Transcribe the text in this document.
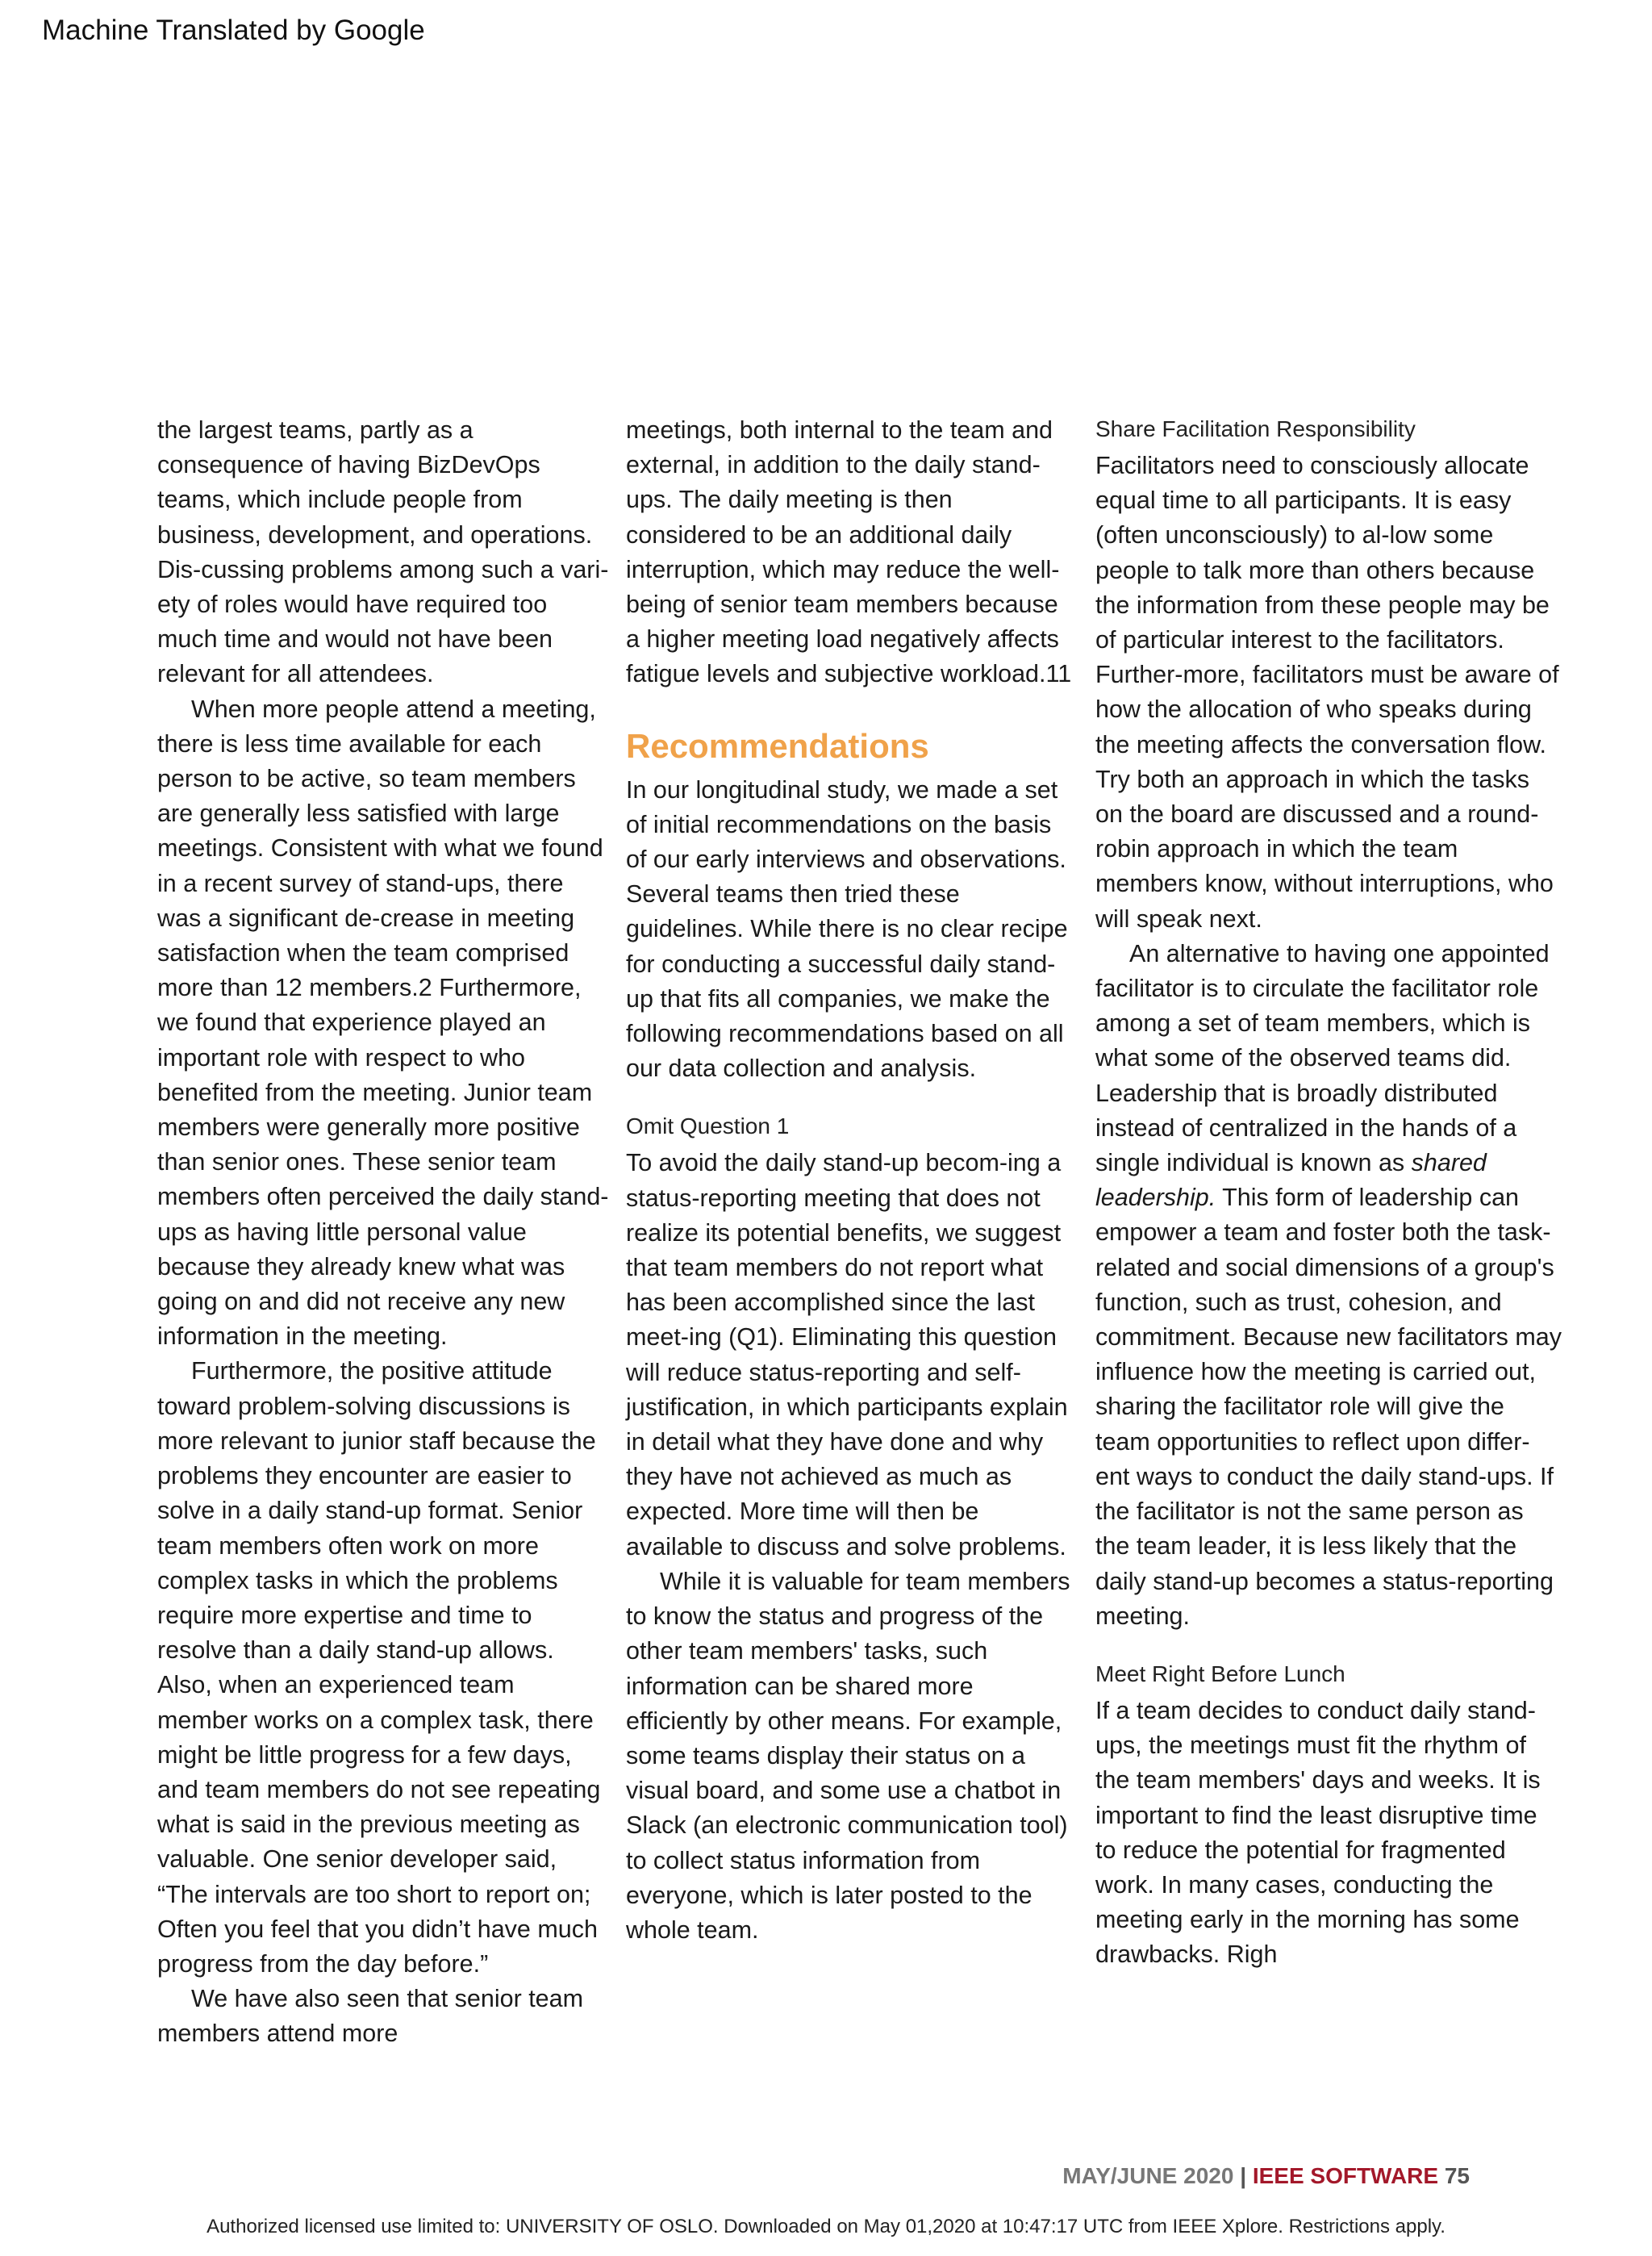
Machine Translated by Google

the largest teams, partly as a consequence of having BizDevOps teams, which include people from business, development, and operations. Dis-cussing problems among such a vari-ety of roles would have required too much time and would not have been relevant for all attendees.

When more people attend a meeting, there is less time available for each person to be active, so team members are generally less satisfied with large meetings. Consistent with what we found in a recent survey of stand-ups, there was a significant de-crease in meeting satisfaction when the team comprised more than 12 members.2 Furthermore, we found that experience played an important role with respect to who benefited from the meeting. Junior team members were generally more positive than senior ones. These senior team members often perceived the daily stand-ups as having little personal value because they already knew what was going on and did not receive any new information in the meeting.

Furthermore, the positive attitude toward problem-solving discussions is more relevant to junior staff because the problems they encounter are easier to solve in a daily stand-up format. Senior team members often work on more complex tasks in which the problems require more expertise and time to resolve than a daily stand-up allows. Also, when an experienced team member works on a complex task, there might be little progress for a few days, and team members do not see repeating what is said in the previous meeting as valuable. One senior developer said, “The intervals are too short to report on; Often you feel that you didn’t have much progress from the day before.”

We have also seen that senior team members attend more

meetings, both internal to the team and external, in addition to the daily stand-ups. The daily meeting is then considered to be an additional daily interruption, which may reduce the well-being of senior team members because a higher meeting load negatively affects fatigue levels and subjective workload.11

Recommendations

In our longitudinal study, we made a set of initial recommendations on the basis of our early interviews and observations. Several teams then tried these guidelines. While there is no clear recipe for conducting a successful daily stand-up that fits all companies, we make the following recommendations based on all our data collection and analysis.

Omit Question 1

To avoid the daily stand-up becom-ing a status-reporting meeting that does not realize its potential benefits, we suggest that team members do not report what has been accomplished since the last meet-ing (Q1). Eliminating this question will reduce status-reporting and self-justification, in which participants explain in detail what they have done and why they have not achieved as much as expected. More time will then be available to discuss and solve problems.

While it is valuable for team members to know the status and progress of the other team members' tasks, such information can be shared more efficiently by other means. For example, some teams display their status on a visual board, and some use a chatbot in Slack (an electronic communication tool) to collect status information from everyone, which is later posted to the whole team.

Share Facilitation Responsibility

Facilitators need to consciously allocate equal time to all participants. It is easy (often unconsciously) to al-low some people to talk more than others because the information from these people may be of particular interest to the facilitators. Further-more, facilitators must be aware of how the allocation of who speaks during the meeting affects the conversation flow. Try both an approach in which the tasks on the board are discussed and a round-robin approach in which the team members know, without interruptions, who will speak next.

An alternative to having one appointed facilitator is to circulate the facilitator role among a set of team members, which is what some of the observed teams did. Leadership that is broadly distributed instead of centralized in the hands of a single individual is known as shared leadership. This form of leadership can empower a team and foster both the task-related and social dimensions of a group's function, such as trust, cohesion, and commitment. Because new facilitators may influence how the meeting is carried out, sharing the facilitator role will give the team opportunities to reflect upon differ-ent ways to conduct the daily stand-ups. If the facilitator is not the same person as the team leader, it is less likely that the daily stand-up becomes a status-reporting meeting.

Meet Right Before Lunch

If a team decides to conduct daily stand-ups, the meetings must fit the rhythm of the team members' days and weeks. It is important to find the least disruptive time to reduce the potential for fragmented work. In many cases, conducting the meeting early in the morning has some drawbacks. Righ

MAY/JUNE 2020 | IEEE SOFTWARE 75
Authorized licensed use limited to: UNIVERSITY OF OSLO. Downloaded on May 01,2020 at 10:47:17 UTC from IEEE Xplore. Restrictions apply.
